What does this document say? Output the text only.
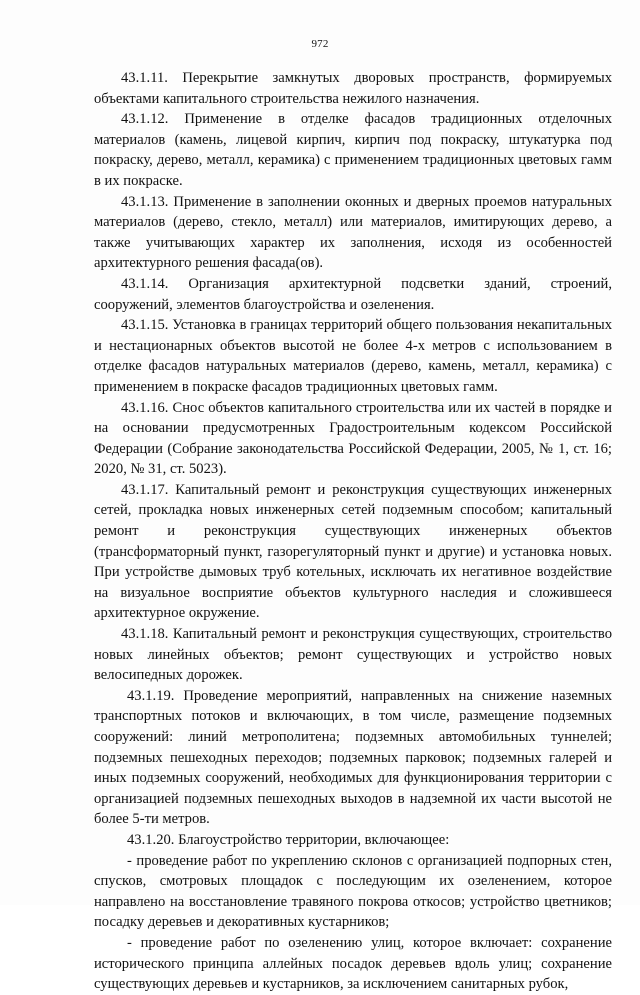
972

43.1.11. Перекрытие замкнутых дворовых пространств, формируемых объектами капитального строительства нежилого назначения.

43.1.12. Применение в отделке фасадов традиционных отделочных материалов (камень, лицевой кирпич, кирпич под покраску, штукатурка под покраску, дерево, металл, керамика) с применением традиционных цветовых гамм в их покраске.

43.1.13. Применение в заполнении оконных и дверных проемов натуральных материалов (дерево, стекло, металл) или материалов, имитирующих дерево, а также учитывающих характер их заполнения, исходя из особенностей архитектурного решения фасада(ов).

43.1.14. Организация архитектурной подсветки зданий, строений, сооружений, элементов благоустройства и озеленения.

43.1.15. Установка в границах территорий общего пользования некапитальных и нестационарных объектов высотой не более 4-х метров с использованием в отделке фасадов натуральных материалов (дерево, камень, металл, керамика) с применением в покраске фасадов традиционных цветовых гамм.

43.1.16. Снос объектов капитального строительства или их частей в порядке и на основании предусмотренных Градостроительным кодексом Российской Федерации (Собрание законодательства Российской Федерации, 2005, № 1, ст. 16; 2020, № 31, ст. 5023).

43.1.17. Капитальный ремонт и реконструкция существующих инженерных сетей, прокладка новых инженерных сетей подземным способом; капитальный ремонт и реконструкция существующих инженерных объектов (трансформаторный пункт, газорегуляторный пункт и другие) и установка новых. При устройстве дымовых труб котельных, исключать их негативное воздействие на визуальное восприятие объектов культурного наследия и сложившееся архитектурное окружение.

43.1.18. Капитальный ремонт и реконструкция существующих, строительство новых линейных объектов; ремонт существующих и устройство новых велосипедных дорожек.

43.1.19. Проведение мероприятий, направленных на снижение наземных транспортных потоков и включающих, в том числе, размещение подземных сооружений: линий метрополитена; подземных автомобильных туннелей; подземных пешеходных переходов; подземных парковок; подземных галерей и иных подземных сооружений, необходимых для функционирования территории с организацией подземных пешеходных выходов в надземной их части высотой не более 5-ти метров.

43.1.20. Благоустройство территории, включающее:

- проведение работ по укреплению склонов с организацией подпорных стен, спусков, смотровых площадок с последующим их озеленением, которое направлено на восстановление травяного покрова откосов; устройство цветников; посадку деревьев и декоративных кустарников;

- проведение работ по озеленению улиц, которое включает: сохранение исторического принципа аллейных посадок деревьев вдоль улиц; сохранение существующих деревьев и кустарников, за исключением санитарных рубок,
